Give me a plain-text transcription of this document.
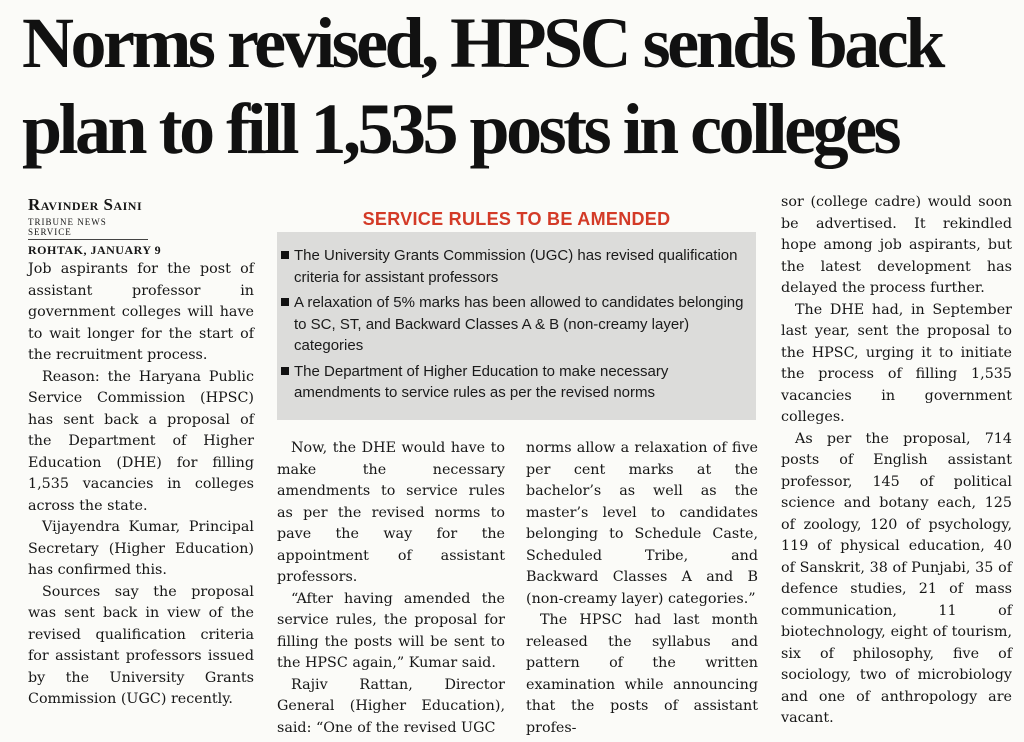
Norms revised, HPSC sends back
plan to fill 1,535 posts in colleges
Ravinder Saini
TRIBUNE NEWS SERVICE
ROHTAK, JANUARY 9

Job aspirants for the post of assistant professor in government colleges will have to wait longer for the start of the recruitment process.

Reason: the Haryana Public Service Commission (HPSC) has sent back a proposal of the Department of Higher Education (DHE) for filling 1,535 vacancies in colleges across the state.

Vijayendra Kumar, Principal Secretary (Higher Education) has confirmed this.

Sources say the proposal was sent back in view of the revised qualification criteria for assistant professors issued by the University Grants Commission (UGC) recently.

SERVICE RULES TO BE AMENDED
The University Grants Commission (UGC) has revised qualification criteria for assistant professors
A relaxation of 5% marks has been allowed to candidates belonging to SC, ST, and Backward Classes A & B (non-creamy layer) categories
The Department of Higher Education to make necessary amendments to service rules as per the revised norms

Now, the DHE would have to make the necessary amendments to service rules as per the revised norms to pave the way for the appointment of assistant professors.

“After having amended the service rules, the proposal for filling the posts will be sent to the HPSC again,” Kumar said.

Rajiv Rattan, Director General (Higher Education), said: “One of the revised UGC

norms allow a relaxation of five per cent marks at the bachelor’s as well as the master’s level to candidates belonging to Schedule Caste, Scheduled Tribe, and Backward Classes A and B (non-creamy layer) categories.”

The HPSC had last month released the syllabus and pattern of the written examination while announcing that the posts of assistant profes-

sor (college cadre) would soon be advertised. It rekindled hope among job aspirants, but the latest development has delayed the process further.

The DHE had, in September last year, sent the proposal to the HPSC, urging it to initiate the process of filling 1,535 vacancies in government colleges.

As per the proposal, 714 posts of English assistant professor, 145 of political science and botany each, 125 of zoology, 120 of psychology, 119 of physical education, 40 of Sanskrit, 38 of Punjabi, 35 of defence studies, 21 of mass communication, 11 of biotechnology, eight of tourism, six of philosophy, five of sociology, two of microbiology and one of anthropology are vacant.
